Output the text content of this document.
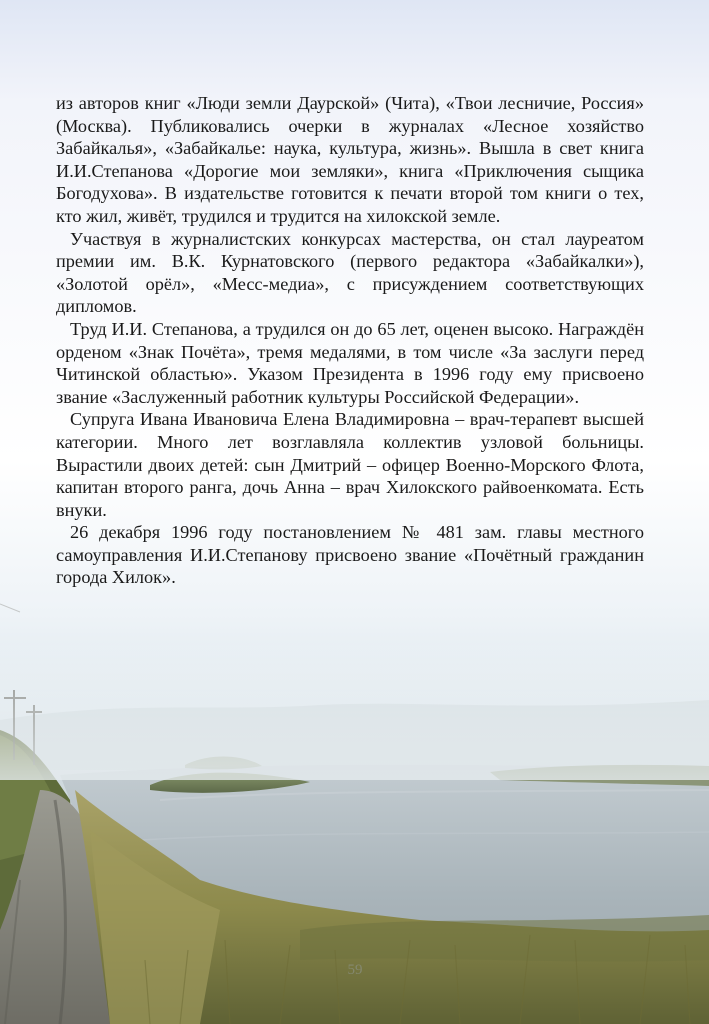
из авторов книг «Люди земли Даурской» (Чита), «Твои лесничие, Россия» (Москва). Публиковались очерки в журналах «Лесное хозяйство Забайкалья», «Забайкалье: наука, культура, жизнь». Вышла в свет книга И.И.Степанова «Дорогие мои земляки», книга «Приключения сыщика Богодухова». В издательстве готовится к печати второй том книги о тех, кто жил, живёт, трудился и трудится на хилокской земле.

Участвуя в журналистских конкурсах мастерства, он стал лауреатом премии им. В.К. Курнатовского (первого редактора «Забайкалки»), «Золотой орёл», «Месс-медиа», с присуждением соответствующих дипломов.

Труд И.И. Степанова, а трудился он до 65 лет, оценен высоко. Награждён орденом «Знак Почёта», тремя медалями, в том числе «За заслуги перед Читинской областью». Указом Президента в 1996 году ему присвоено звание «Заслуженный работник культуры Российской Федерации».

Супруга Ивана Ивановича Елена Владимировна – врач-терапевт высшей категории. Много лет возглавляла коллектив узловой больницы. Вырастили двоих детей: сын Дмитрий – офицер Военно-Морского Флота, капитан второго ранга, дочь Анна – врач Хилокского райвоенкомата. Есть внуки.

26 декабря 1996 году постановлением № 481 зам. главы местного самоуправления И.И.Степанову присвоено звание «Почётный гражданин города Хилок».

59
